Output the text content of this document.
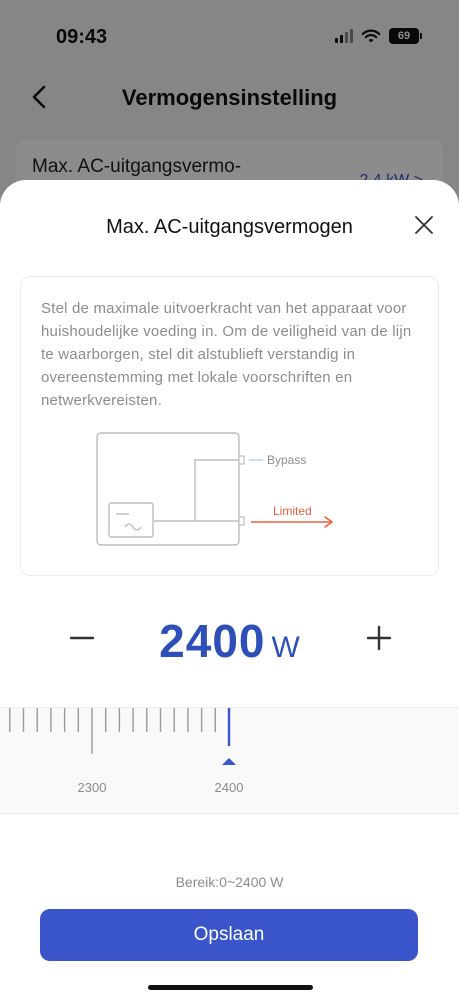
09:43	69
Vermogensinstelling
Max. AC-uitgangsvermo-
Max. AC-uitgangsvermogen
Stel de maximale uitvoerkracht van het apparaat voor huishoudelijke voeding in. Om de veiligheid van de lijn te waarborgen, stel dit alstublieft verstandig in overeenstemming met lokale voorschriften en netwerkvereisten.
Bypass
Limited
2400 W
2300	2400
Bereik:0~2400 W
Opslaan
